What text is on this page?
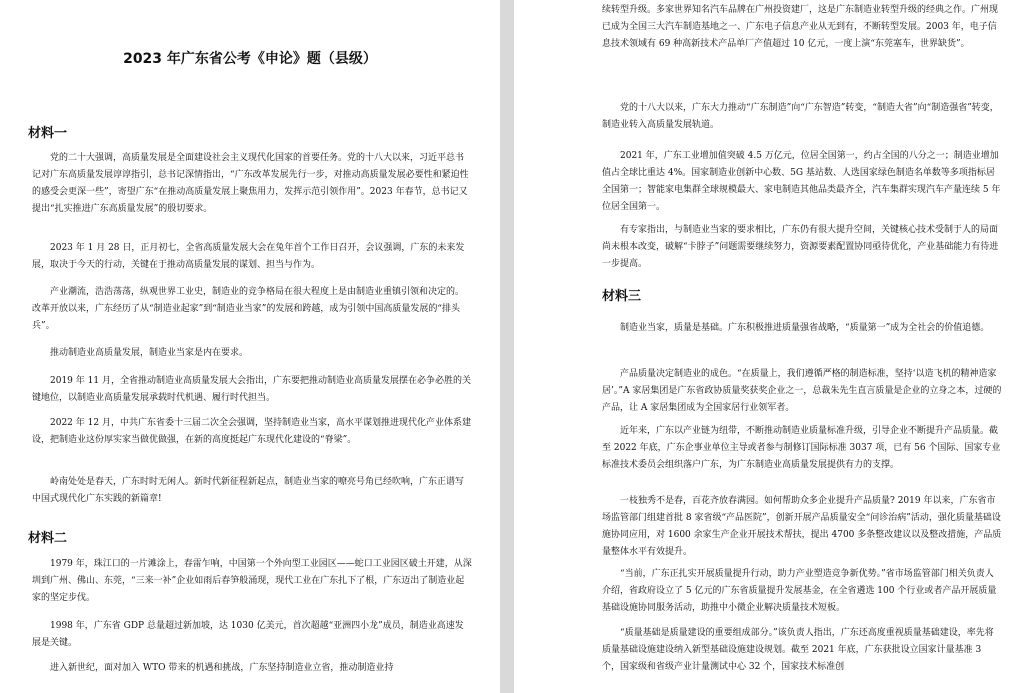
2023 年广东省公考《申论》题（县级）
材料一

党的二十大强调，高质量发展是全面建设社会主义现代化国家的首要任务。党的十八大以来，习近平总书记对广东高质量发展谆谆指引，总书记深情指出，“广东改革发展先行一步，对推动高质量发展必要性和紧迫性的感受会更深一些”，寄望广东“在推动高质量发展上聚焦用力，发挥示范引领作用”。2023 年春节，总书记又提出“扎实推进广东高质量发展”的殷切要求。

2023 年 1 月 28 日，正月初七，全省高质量发展大会在兔年首个工作日召开，会议强调，广东的未来发展，取决于今天的行动，关键在于推动高质量发展的谋划、担当与作为。

产业潮流，浩浩荡荡，纵观世界工业史，制造业的竞争格局在很大程度上是由制造业重镇引领和决定的。改革开放以来，广东经历了从“制造业起家”到“制造业当家”的发展和跨越，成为引领中国高质量发展的“排头兵”。

推动制造业高质量发展，制造业当家是内在要求。

2019 年 11 月，全省推动制造业高质量发展大会指出，广东要把推动制造业高质量发展摆在必争必胜的关键地位，以制造业高质量发展承载时代机遇、履行时代担当。

2022 年 12 月，中共广东省委十三届二次全会强调，坚持制造业当家，高水平谋划推进现代化产业体系建设，把制造业这份厚实家当做优做强，在新的高度挺起广东现代化建设的“脊梁”。

岭南处处是春天，广东时时无闲人。新时代新征程新起点，制造业当家的嘹亮号角已经吹响，广东正谱写中国式现代化广东实践的新篇章!

材料二

1979 年，珠江口的一片滩涂上，春雷乍响，中国第一个外向型工业园区——蛇口工业园区破土开建，从深圳到广州、佛山、东莞，“三来一补”企业如雨后春笋般涌现，现代工业在广东扎下了根，广东迈出了制造业起家的坚定步伐。

1998 年，广东省 GDP 总量超过新加坡，达 1030 亿美元，首次超越“亚洲四小龙”成员，制造业高速发展是关键。

进入新世纪，面对加入 WTO 带来的机遇和挑战，广东坚持制造业立省，推动制造业持

续转型升级。多家世界知名汽车品牌在广州投资建厂，这是广东制造业转型升级的经典之作。广州现已成为全国三大汽车制造基地之一、广东电子信息产业从无到有，不断转型发展。2003 年，电子信息技术领域有 69 种高新技术产品单厂产值超过 10 亿元，一度上演“东莞塞车，世界缺货”。

党的十八大以来，广东大力推动“广东制造”向“广东智造”转变，“制造大省”向“制造强省”转变，制造业转入高质量发展轨道。

2021 年，广东工业增加值突破 4.5 万亿元，位居全国第一，约占全国的八分之一；制造业增加值占全球比重达 4%。国家制造业创新中心数、5G 基站数、人选国家绿色制造名单数等多项指标居全国第一；智能家电集群全球规模最大、家电制造其他品类最齐全，汽车集群实现汽车产量连续 5 年位居全国第一。

有专家指出，与制造业当家的要求相比，广东仍有很大提升空间，关键核心技术受制于人的局面尚未根本改变，破解“卡脖子”问题需要继续努力，资源要素配置协同亟待优化，产业基础能力有待进一步提高。

材料三

制造业当家，质量是基础。广东积极推进质量强省战略，“质量第一”成为全社会的价值追德。

产品质量决定制造业的成色。“在质量上，我们遵循严格的制造标准，坚持‘以造飞机的精神造家居’。”A 家居集团是广东省政协质量奖获奖企业之一，总裁朱先生直言质量是企业的立身之本，过硬的产品，让 A 家居集团成为全国家居行业领军者。

近年来，广东以产业链为纽带，不断推动制造业质量标准升级，引导企业不断提升产品质量。截至 2022 年底，广东企事业单位主导或者参与制修订国际标准 3037 项，已有 56 个国际、国家专业标准技术委员会组织落户广东，为广东制造业高质量发展提供有力的支撑。

一枝独秀不是春，百花齐放春满园。如何帮助众多企业提升产品质量? 2019 年以来，广东省市场监管部门组建首批 8 家省级“产品医院”，创新开展产品质量安全“问诊治病”活动，强化质量基础设施协同应用，对 1600 余家生产企业开展技术帮扶，提出 4700 多条整改建议以及整改措施，产品质量整体水平有效提升。

“当前，广东正扎实开展质量提升行动，助力产业塑造竞争新优势。”省市场监管部门相关负责人介绍，省政府设立了 5 亿元的广东省质量提升发展基金，在全省遴选 100 个行业或者产品开展质量基础设施协同服务活动，助推中小微企业解决质量技术短板。

“质量基础是质量建设的重要组成部分。”该负责人指出，广东还高度重视质量基础建设，率先将质量基础设施建设纳入新型基础设施建设规划。截至 2021 年底，广东获批设立国家计量基准 3 个，国家级和省级产业计量测试中心 32 个，国家技术标准创
